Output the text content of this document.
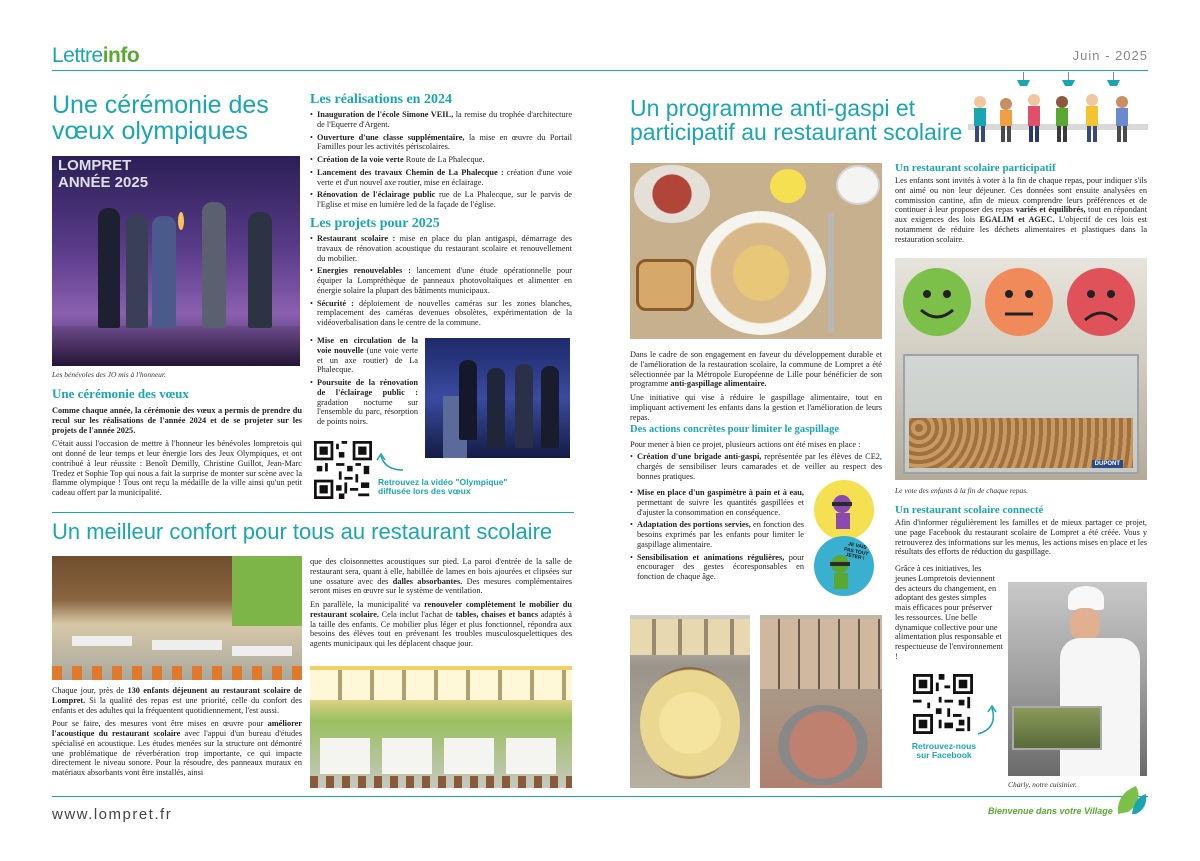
Lettreinfo	Juin - 2025
Une cérémonie des vœux olympiques
LOMPRET ANNÉE 2025
Les bénévoles des JO mis à l'honneur.
Une cérémonie des vœux

Comme chaque année, la cérémonie des vœux a permis de prendre du recul sur les réalisations de l'année 2024 et de se projeter sur les projets de l'année 2025.

C'était aussi l'occasion de mettre à l'honneur les bénévoles lompretois qui ont donné de leur temps et leur énergie lors des Jeux Olympiques, et ont contribué à leur réussite : Benoît Demilly, Christine Guillot, Jean-Marc Tredez et Sophie Top qui nous a fait la surprise de monter sur scène avec la flamme olympique ! Tous ont reçu la médaille de la ville ainsi qu'un petit cadeau offert par la municipalité.

Les réalisations en 2024
• Inauguration de l'école Simone VEIL, la remise du trophée d'architecture de l'Equerre d'Argent.
• Ouverture d'une classe supplémentaire, la mise en œuvre du Portail Familles pour les activités périscolaires.
• Création de la voie verte Route de La Phalecque.
• Lancement des travaux Chemin de La Phalecque : création d'une voie verte et d'un nouvel axe routier, mise en éclairage.
• Rénovation de l'éclairage public rue de La Phalecque, sur le parvis de l'Eglise et mise en lumière led de la façade de l'église.
Les projets pour 2025
• Restaurant scolaire : mise en place du plan antigaspi, démarrage des travaux de rénovation acoustique du restaurant scolaire et renouvellement du mobilier.
• Energies renouvelables : lancement d'une étude opérationnelle pour équiper la Lompréthèque de panneaux photovoltaïques et alimenter en énergie solaire la plupart des bâtiments municipaux.
• Sécurité : déploiement de nouvelles caméras sur les zones blanches, remplacement des caméras devenues obsolètes, expérimentation de la vidéoverbalisation dans le centre de la commune.
• Mise en circulation de la voie nouvelle (une voie verte et un axe routier) de La Phalecque.
• Poursuite de la rénovation de l'éclairage public : gradation nocturne sur l'ensemble du parc, résorption de points noirs.
Retrouvez la vidéo "Olympique" diffusée lors des vœux
Un meilleur confort pour tous au restaurant scolaire

Chaque jour, près de 130 enfants déjeunent au restaurant scolaire de Lompret. Si la qualité des repas est une priorité, celle du confort des enfants et des adultes qui la fréquentent quotidiennement, l'est aussi.

Pour se faire, des mesures vont être mises en œuvre pour améliorer l'acoustique du restaurant scolaire avec l'appui d'un bureau d'études spécialisé en acoustique. Les études menées sur la structure ont démontré une problématique de réverbération trop importante, ce qui impacte directement le niveau sonore. Pour la résoudre, des panneaux muraux en matériaux absorbants vont être installés, ainsi

que des cloisonnettes acoustiques sur pied. La paroi d'entrée de la salle de restaurant sera, quant à elle, habillée de lames en bois ajourées et clipsées sur une ossature avec des dalles absorbantes. Des mesures complémentaires seront mises en œuvre sur le système de ventilation.

En parallèle, la municipalité va renouveler complètement le mobilier du restaurant scolaire. Cela inclut l'achat de tables, chaises et bancs adaptés à la taille des enfants. Ce mobilier plus léger et plus fonctionnel, répondra aux besoins des élèves tout en prévenant les troubles musculosquelettiques des agents municipaux qui les déplacent chaque jour.

Un programme anti-gaspi et participatif au restaurant scolaire

Dans le cadre de son engagement en faveur du développement durable et de l'amélioration de la restauration scolaire, la commune de Lompret a été sélectionnée par la Métropole Européenne de Lille pour bénéficier de son programme anti-gaspillage alimentaire.

Une initiative qui vise à réduire le gaspillage alimentaire, tout en impliquant activement les enfants dans la gestion et l'amélioration de leurs repas.

Des actions concrètes pour limiter le gaspillage
Pour mener à bien ce projet, plusieurs actions ont été mises en place :
• Création d'une brigade anti-gaspi, représentée par les élèves de CE2, chargés de sensibiliser leurs camarades et de veiller au respect des bonnes pratiques.
• Mise en place d'un gaspimètre à pain et à eau, permettant de suivre les quantités gaspillées et d'ajuster la consommation en conséquence.
• Adaptation des portions servies, en fonction des besoins exprimés par les enfants pour limiter le gaspillage alimentaire.
• Sensibilisation et animations régulières, pour encourager des gestes écoresponsables en fonction de chaque âge.
JE VAIS PAS TOUT JETER !
Un restaurant scolaire participatif

Les enfants sont invités à voter à la fin de chaque repas, pour indiquer s'ils ont aimé ou non leur déjeuner. Ces données sont ensuite analysées en commission cantine, afin de mieux comprendre leurs préférences et de continuer à leur proposer des repas variés et équilibrés, tout en répondant aux exigences des lois EGALIM et AGEC. L'objectif de ces lois est notamment de réduire les déchets alimentaires et plastiques dans la restauration scolaire.

DUPONT
Le vote des enfants à la fin de chaque repas.
Un restaurant scolaire connecté
Afin d'informer régulièrement les familles et de mieux partager ce projet, une page Facebook du restaurant scolaire de Lompret a été créée. Vous y retrouverez des informations sur les menus, les actions mises en place et les résultats des efforts de réduction du gaspillage.
Grâce à ces initiatives, les jeunes Lompretois deviennent des acteurs du changement, en adoptant des gestes simples mais efficaces pour préserver les ressources. Une belle dynamique collective pour une alimentation plus responsable et respectueuse de l'environnement !
Charly, notre cuisinier.
Retrouvez-nous sur Facebook
www.lompret.fr	Bienvenue dans votre Village
